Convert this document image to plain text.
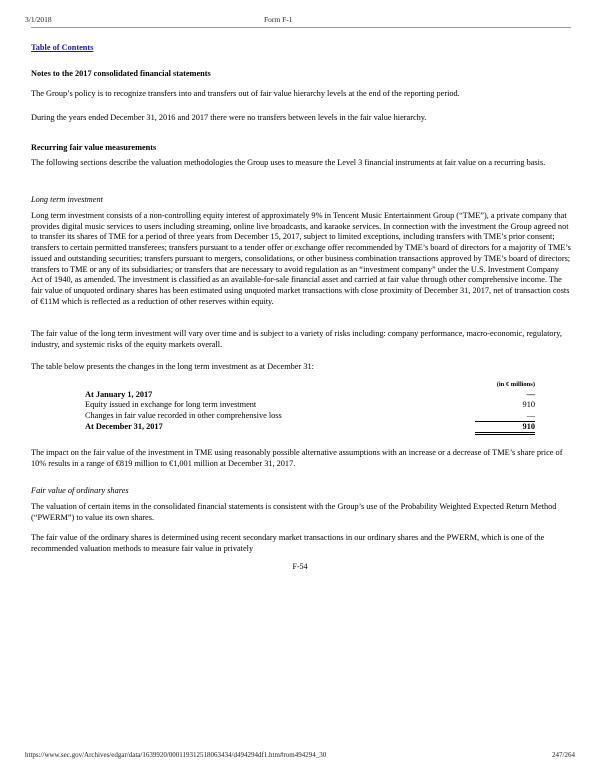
3/1/2018	Form F-1
Table of Contents

Notes to the 2017 consolidated financial statements

The Group’s policy is to recognize transfers into and transfers out of fair value hierarchy levels at the end of the reporting period.

During the years ended December 31, 2016 and 2017 there were no transfers between levels in the fair value hierarchy.

Recurring fair value measurements

The following sections describe the valuation methodologies the Group uses to measure the Level 3 financial instruments at fair value on a recurring basis.

Long term investment

Long term investment consists of a non-controlling equity interest of approximately 9% in Tencent Music Entertainment Group (“TME”), a private company that provides digital music services to users including streaming, online live broadcasts, and karaoke services. In connection with the investment the Group agreed not to transfer its shares of TME for a period of three years from December 15, 2017, subject to limited exceptions, including transfers with TME’s prior consent; transfers to certain permitted transferees; transfers pursuant to a tender offer or exchange offer recommended by TME’s board of directors for a majority of TME’s issued and outstanding securities; transfers pursuant to mergers, consolidations, or other business combination transactions approved by TME’s board of directors; transfers to TME or any of its subsidiaries; or transfers that are necessary to avoid regulation as an “investment company” under the U.S. Investment Company Act of 1940, as amended. The investment is classified as an available-for-sale financial asset and carried at fair value through other comprehensive income. The fair value of unquoted ordinary shares has been estimated using unquoted market transactions with close proximity of December 31, 2017, net of transaction costs of €11M which is reflected as a reduction of other reserves within equity.

The fair value of the long term investment will vary over time and is subject to a variety of risks including: company performance, macro-economic, regulatory, industry, and systemic risks of the equity markets overall.

The table below presents the changes in the long term investment as at December 31:

	(in € millions)
At January 1, 2017	—
Equity issued in exchange for long term investment	910
Changes in fair value recorded in other comprehensive loss	—
At December 31, 2017	910

The impact on the fair value of the investment in TME using reasonably possible alternative assumptions with an increase or a decrease of TME’s share price of 10% results in a range of €819 million to €1,001 million at December 31, 2017.

Fair value of ordinary shares

The valuation of certain items in the consolidated financial statements is consistent with the Group’s use of the Probability Weighted Expected Return Method (“PWERM”) to value its own shares.

The fair value of the ordinary shares is determined using recent secondary market transactions in our ordinary shares and the PWERM, which is one of the recommended valuation methods to measure fair value in privately

F-54
https://www.sec.gov/Archives/edgar/data/1639920/000119312518063434/d494294df1.htm#rom494294_30	247/264
